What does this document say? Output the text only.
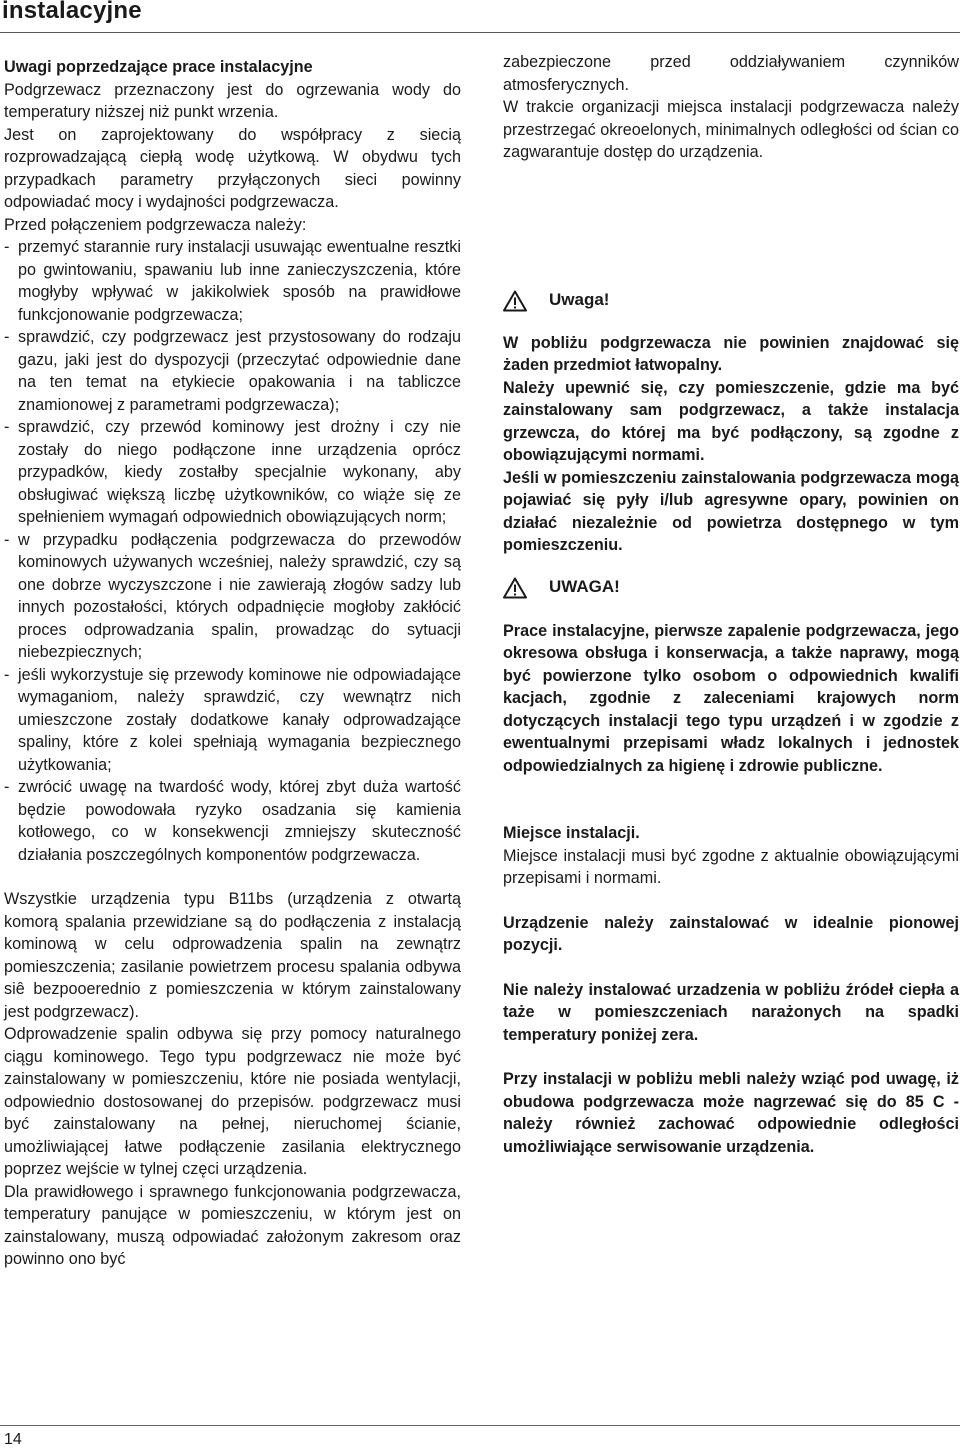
instalacyjne

Uwagi poprzedzające prace instalacyjne

Podgrzewacz przeznaczony jest do ogrzewania wody do temperatury niższej niż punkt wrzenia.

Jest on zaprojektowany do współpracy z siecią rozprowadzającą ciepłą wodę użytkową. W obydwu tych przypadkach parametry przyłączonych sieci powinny odpowiadać mocy i wydajności podgrzewacza.

Przed połączeniem podgrzewacza należy:

- przemyć starannie rury instalacji usuwając ewentualne resztki po gwintowaniu, spawaniu lub inne zanieczyszczenia, które mogłyby wpływać w jakikolwiek sposób na prawidłowe funkcjonowanie podgrzewacza;
- sprawdzić, czy podgrzewacz jest przystosowany do rodzaju gazu, jaki jest do dyspozycji (przeczytać odpowiednie dane na ten temat na etykiecie opakowania i na tabliczce znamionowej z parametrami podgrzewacza);
- sprawdzić, czy przewód kominowy jest drożny i czy nie zostały do niego podłączone inne urządzenia oprócz przypadków, kiedy zostałby specjalnie wykonany, aby obsługiwać większą liczbę użytkowników, co wiąże się ze spełnieniem wymagań odpowiednich obowiązujących norm;
- w przypadku podłączenia podgrzewacza do przewodów kominowych używanych wcześniej, należy sprawdzić, czy są one dobrze wyczyszczone i nie zawierają złogów sadzy lub innych pozostałości, których odpadnięcie mogłoby zakłócić proces odprowadzania spalin, prowadząc do sytuacji niebezpiecznych;
- jeśli wykorzystuje się przewody kominowe nie odpowiadające wymaganiom, należy sprawdzić, czy wewnątrz nich umieszczone zostały dodatkowe kanały odprowadzające spaliny, które z kolei spełniają wymagania bezpiecznego użytkowania;
- zwrócić uwagę na twardość wody, której zbyt duża wartość będzie powodowała ryzyko osadzania się kamienia kotłowego, co w konsekwencji zmniejszy skuteczność działania poszczególnych komponentów podgrzewacza.

Wszystkie urządzenia typu B11bs (urządzenia z otwartą komorą spalania przewidziane są do podłączenia z instalacją kominową w celu odprowadzenia spalin na zewnątrz pomieszczenia; zasilanie powietrzem procesu spalania odbywa siê bezpooerednio z pomieszczenia w którym zainstalowany jest podgrzewacz).

Odprowadzenie spalin odbywa się przy pomocy naturalnego ciągu kominowego. Tego typu podgrzewacz nie może być zainstalowany w pomieszczeniu, które nie posiada wentylacji, odpowiednio dostosowanej do przepisów. podgrzewacz musi być zainstalowany na pełnej, nieruchomej ścianie, umożliwiającej łatwe podłączenie zasilania elektrycznego poprzez wejście w tylnej częci urządzenia.

Dla prawidłowego i sprawnego funkcjonowania podgrzewacza, temperatury panujące w pomieszczeniu, w którym jest on zainstalowany, muszą odpowiadać założonym zakresom oraz powinno ono być

zabezpieczone przed oddziaływaniem czynników atmosferycznych.

W trakcie organizacji miejsca instalacji podgrzewacza należy przestrzegać okreoelonych, minimalnych odległości od ścian co zagwarantuje dostęp do urządzenia.

Uwaga!

W pobliżu podgrzewacza nie powinien znajdować się żaden przedmiot łatwopalny.

Należy upewnić się, czy pomieszczenie, gdzie ma być zainstalowany sam podgrzewacz, a także instalacja grzewcza, do której ma być podłączony, są zgodne z obowiązującymi normami.

Jeśli w pomieszczeniu zainstalowania podgrzewacza mogą pojawiać się pyły i/lub agresywne opary, powinien on działać niezależnie od powietrza dostępnego w tym pomieszczeniu.

UWAGA!

Prace instalacyjne, pierwsze zapalenie podgrzewacza, jego okresowa obsługa i konserwacja, a także naprawy, mogą być powierzone tylko osobom o odpowiednich kwalifi kacjach, zgodnie z zaleceniami krajowych norm dotyczących instalacji tego typu urządzeń i w zgodzie z ewentualnymi przepisami władz lokalnych i jednostek odpowiedzialnych za higienę i zdrowie publiczne.

Miejsce instalacji.

Miejsce instalacji musi być zgodne z aktualnie obowiązującymi przepisami i normami.

Urządzenie należy zainstalować w idealnie pionowej pozycji.

Nie należy instalować urzadzenia w pobliżu źródeł ciepła a taże w pomieszczeniach narażonych na spadki temperatury poniżej zera.

Przy instalacji w pobliżu mebli należy wziąć pod uwagę, iż obudowa podgrzewacza może nagrzewać się do 85 C - należy również zachować odpowiednie odległości umożliwiające serwisowanie urządzenia.

14
